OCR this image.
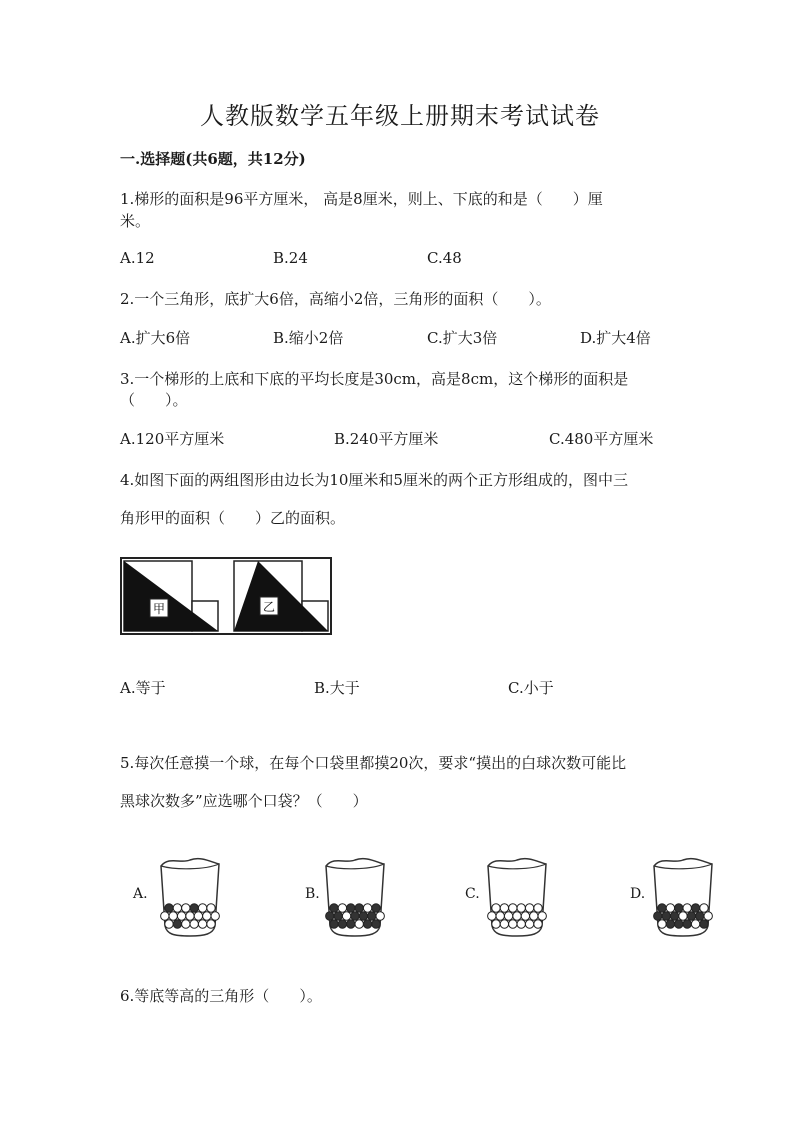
人教版数学五年级上册期末考试试卷
一.选择题(共6题，共12分)
1.梯形的面积是96平方厘米， 高是8厘米，则上、下底的和是（　　）厘
米。
A.12	B.24	C.48
2.一个三角形，底扩大6倍，高缩小2倍，三角形的面积（　　）。
A.扩大6倍	B.缩小2倍	C.扩大3倍	D.扩大4倍
3.一个梯形的上底和下底的平均长度是30cm，高是8cm，这个梯形的面积是
（　　）。
A.120平方厘米	B.240平方厘米	C.480平方厘米
4.如图下面的两组图形由边长为10厘米和5厘米的两个正方形组成的，图中三
角形甲的面积（　　）乙的面积。
甲	乙
A.等于	B.大于	C.小于
5.每次任意摸一个球，在每个口袋里都摸20次，要求“摸出的白球次数可能比
黑球次数多”应选哪个口袋？（　　）
A.	B.	C.	D.
6.等底等高的三角形（　　）。
